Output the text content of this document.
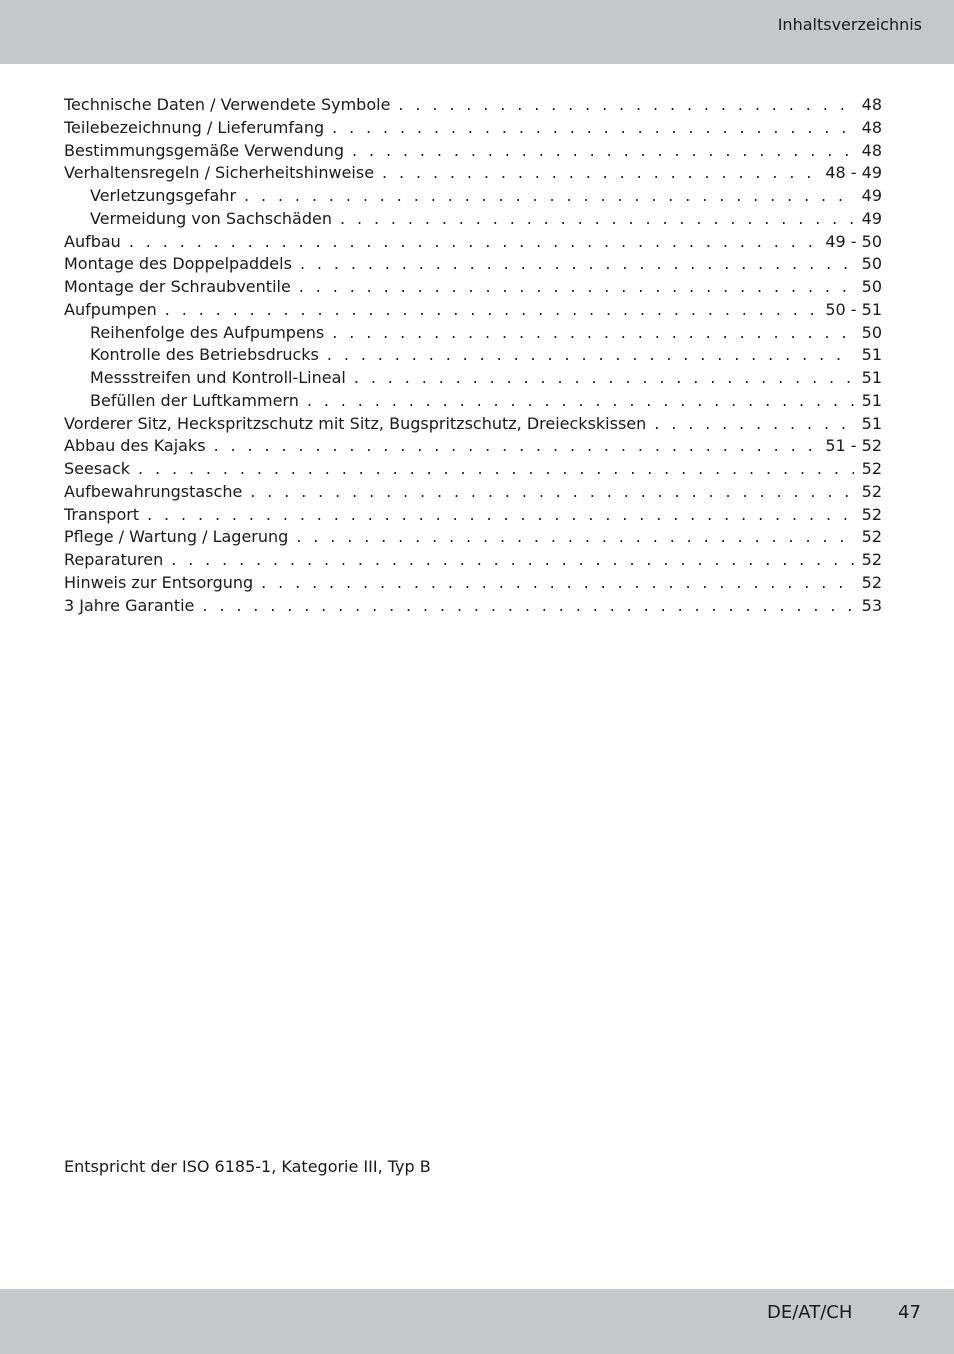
Inhaltsverzeichnis
Technische Daten / Verwendete Symbole . . .	48
Teilebezeichnung / Lieferumfang . . .	48
Bestimmungsgemäße Verwendung . . .	48
Verhaltensregeln / Sicherheitshinweise . . .	48 - 49
Verletzungsgefahr . . .	49
Vermeidung von Sachschäden . . .	49
Aufbau . . .	49 - 50
Montage des Doppelpaddels . . .	50
Montage der Schraubventile . . .	50
Aufpumpen . . .	50 - 51
Reihenfolge des Aufpumpens . . .	50
Kontrolle des Betriebsdrucks . . .	51
Messstreifen und Kontroll-Lineal . . .	51
Befüllen der Luftkammern . . .	51
Vorderer Sitz, Heckspritzschutz mit Sitz, Bugspritzschutz, Dreieckskissen . . .	51
Abbau des Kajaks . . .	51 - 52
Seesack . . .	52
Aufbewahrungstasche . . .	52
Transport . . .	52
Pflege / Wartung / Lagerung . . .	52
Reparaturen . . .	52
Hinweis zur Entsorgung . . .	52
3 Jahre Garantie . . .	53
Entspricht der ISO 6185-1, Kategorie III, Typ B
DE/AT/CH	47
